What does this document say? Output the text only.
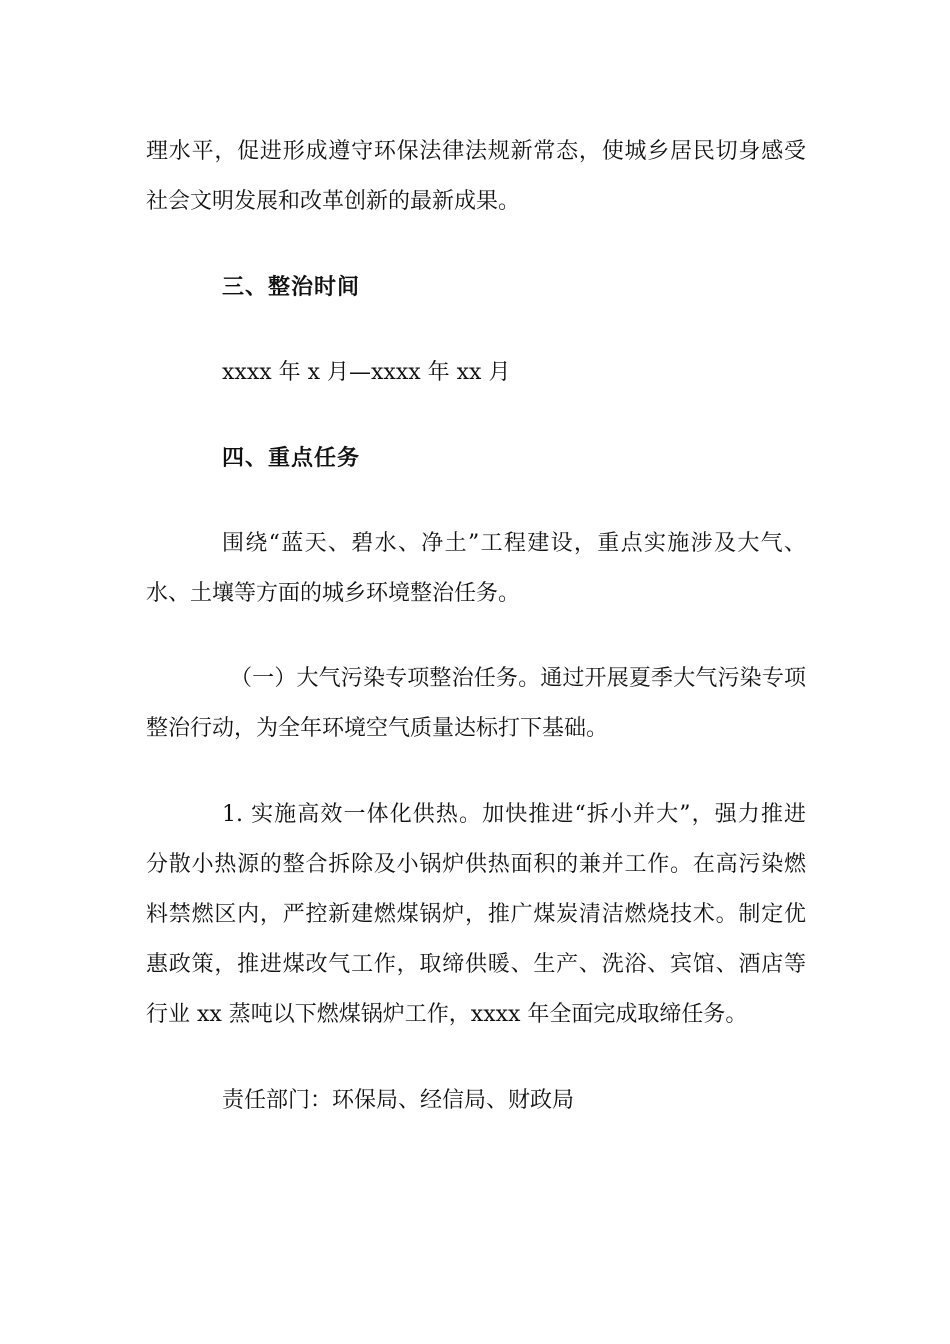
理水平，促进形成遵守环保法律法规新常态，使城乡居民切身感受
社会文明发展和改革创新的最新成果。
三、整治时间
xxxx 年 x 月—xxxx 年 xx 月
四、重点任务
围绕“蓝天、碧水、净土”工程建设，重点实施涉及大气、
水、土壤等方面的城乡环境整治任务。
（一）大气污染专项整治任务。通过开展夏季大气污染专项
整治行动，为全年环境空气质量达标打下基础。
1. 实施高效一体化供热。加快推进“拆小并大”，强力推进
分散小热源的整合拆除及小锅炉供热面积的兼并工作。在高污染燃
料禁燃区内，严控新建燃煤锅炉，推广煤炭清洁燃烧技术。制定优
惠政策，推进煤改气工作，取缔供暖、生产、洗浴、宾馆、酒店等
行业 xx 蒸吨以下燃煤锅炉工作，xxxx 年全面完成取缔任务。
责任部门：环保局、经信局、财政局
